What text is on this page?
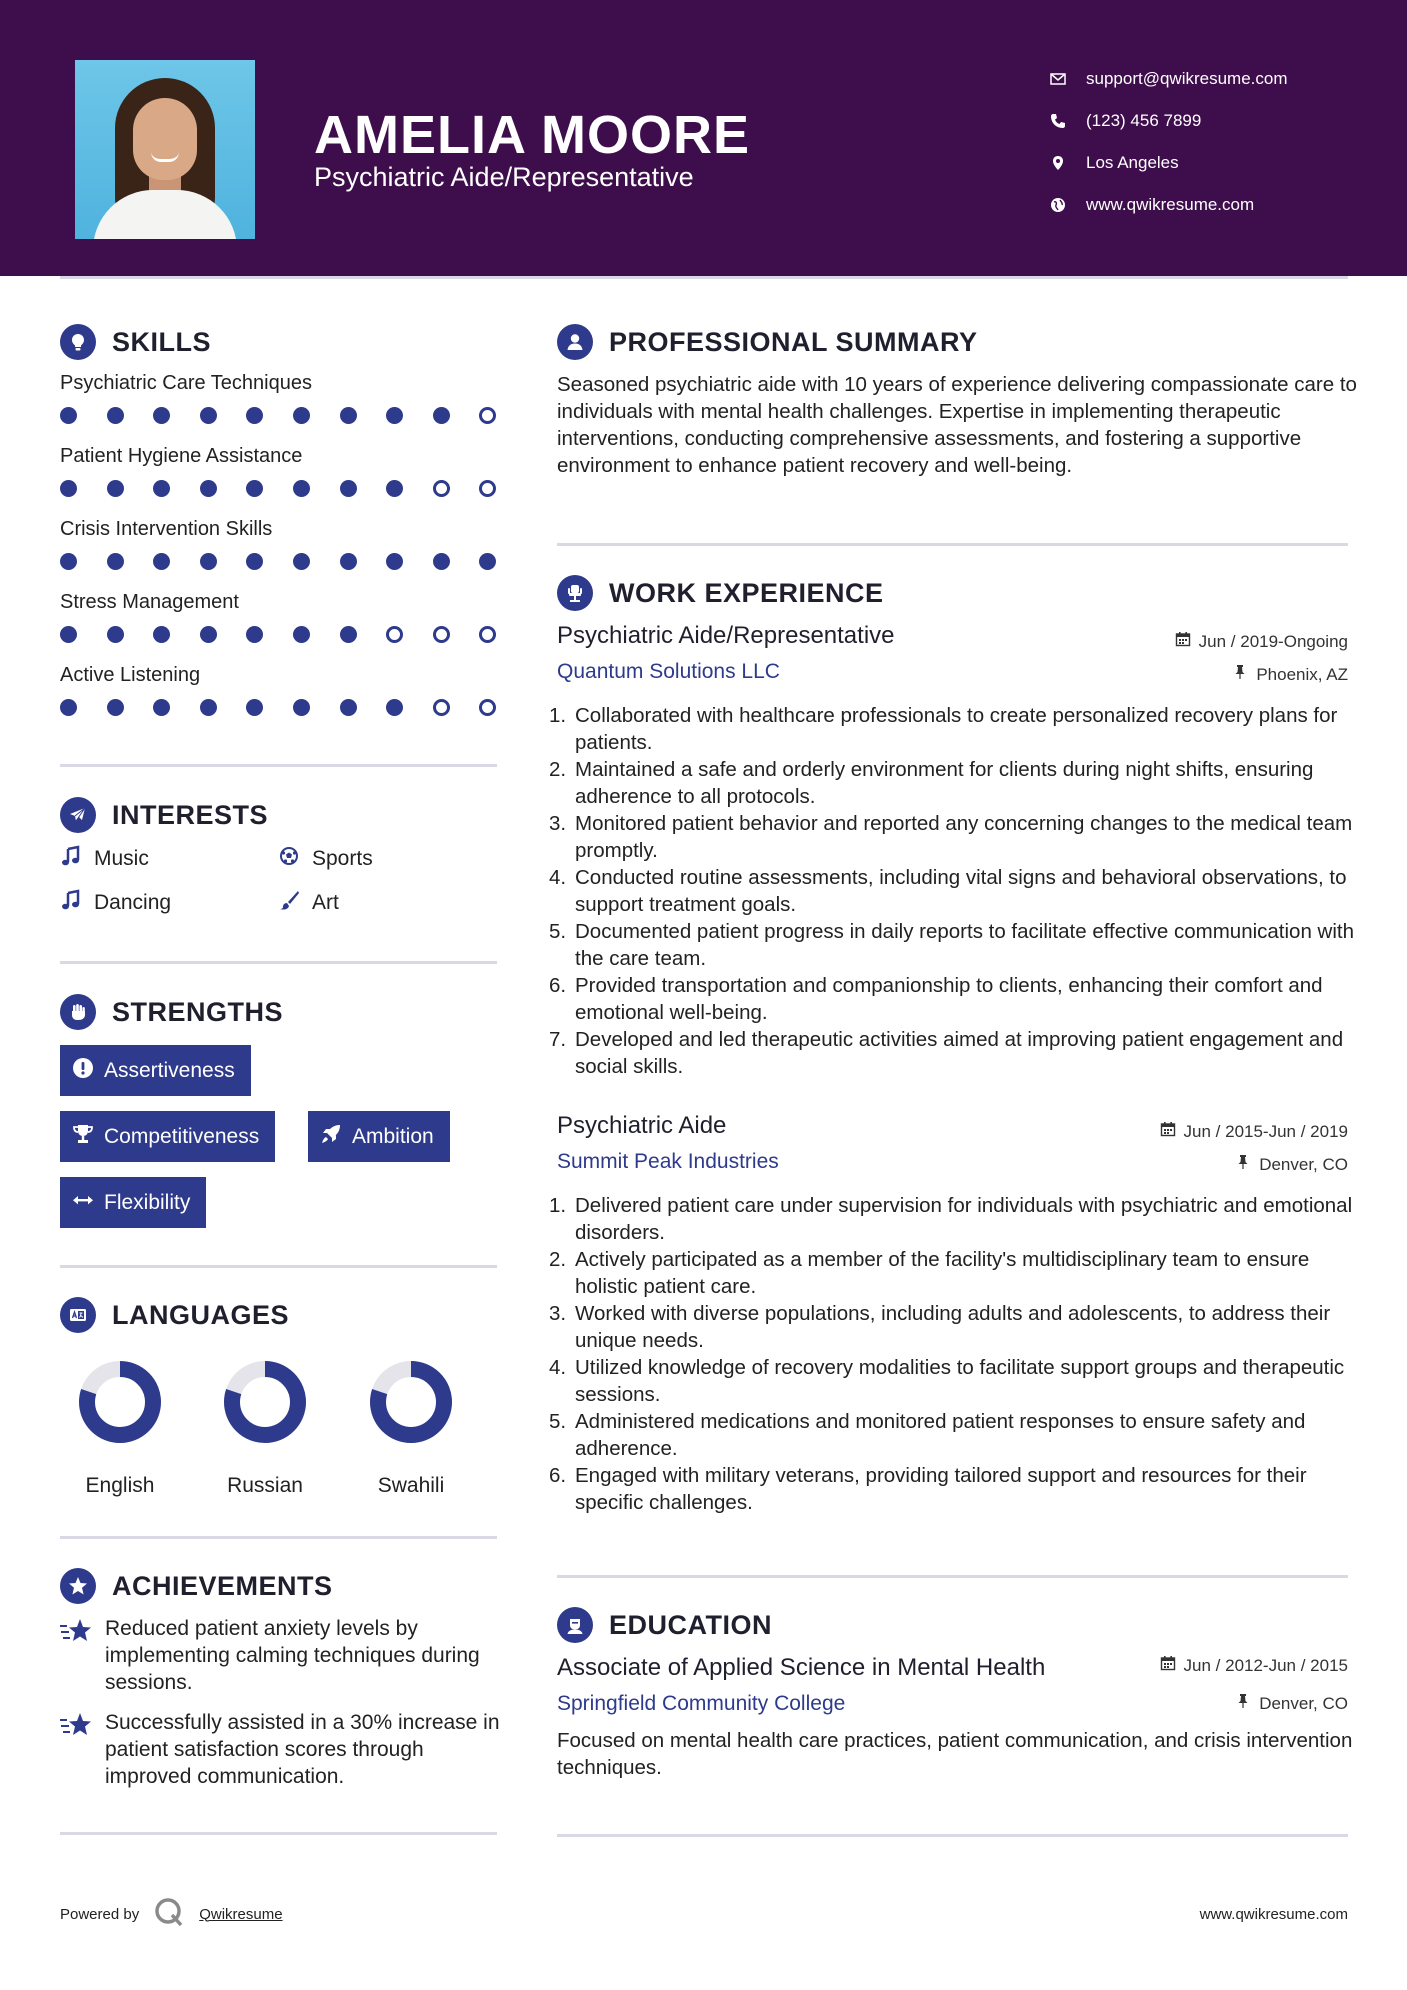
AMELIA MOORE
Psychiatric Aide/Representative
support@qwikresume.com
(123) 456 7899
Los Angeles
www.qwikresume.com
SKILLS
Psychiatric Care Techniques
Patient Hygiene Assistance
Crisis Intervention Skills
Stress Management
Active Listening
INTERESTS
Music	Sports
Dancing	Art
STRENGTHS
Assertiveness
Competitiveness	Ambition
Flexibility
LANGUAGES
English	Russian	Swahili
ACHIEVEMENTS
Reduced patient anxiety levels by implementing calming techniques during sessions.
Successfully assisted in a 30% increase in patient satisfaction scores through improved communication.
PROFESSIONAL SUMMARY
Seasoned psychiatric aide with 10 years of experience delivering compassionate care to individuals with mental health challenges. Expertise in implementing therapeutic interventions, conducting comprehensive assessments, and fostering a supportive environment to enhance patient recovery and well-being.
WORK EXPERIENCE
Psychiatric Aide/Representative	Jun / 2019-Ongoing
Quantum Solutions LLC	Phoenix, AZ
1. Collaborated with healthcare professionals to create personalized recovery plans for patients.
2. Maintained a safe and orderly environment for clients during night shifts, ensuring adherence to all protocols.
3. Monitored patient behavior and reported any concerning changes to the medical team promptly.
4. Conducted routine assessments, including vital signs and behavioral observations, to support treatment goals.
5. Documented patient progress in daily reports to facilitate effective communication with the care team.
6. Provided transportation and companionship to clients, enhancing their comfort and emotional well-being.
7. Developed and led therapeutic activities aimed at improving patient engagement and social skills.
Psychiatric Aide	Jun / 2015-Jun / 2019
Summit Peak Industries	Denver, CO
1. Delivered patient care under supervision for individuals with psychiatric and emotional disorders.
2. Actively participated as a member of the facility's multidisciplinary team to ensure holistic patient care.
3. Worked with diverse populations, including adults and adolescents, to address their unique needs.
4. Utilized knowledge of recovery modalities to facilitate support groups and therapeutic sessions.
5. Administered medications and monitored patient responses to ensure safety and adherence.
6. Engaged with military veterans, providing tailored support and resources for their specific challenges.
EDUCATION
Associate of Applied Science in Mental Health	Jun / 2012-Jun / 2015
Springfield Community College	Denver, CO
Focused on mental health care practices, patient communication, and crisis intervention techniques.
Powered by	Qwikresume	www.qwikresume.com
